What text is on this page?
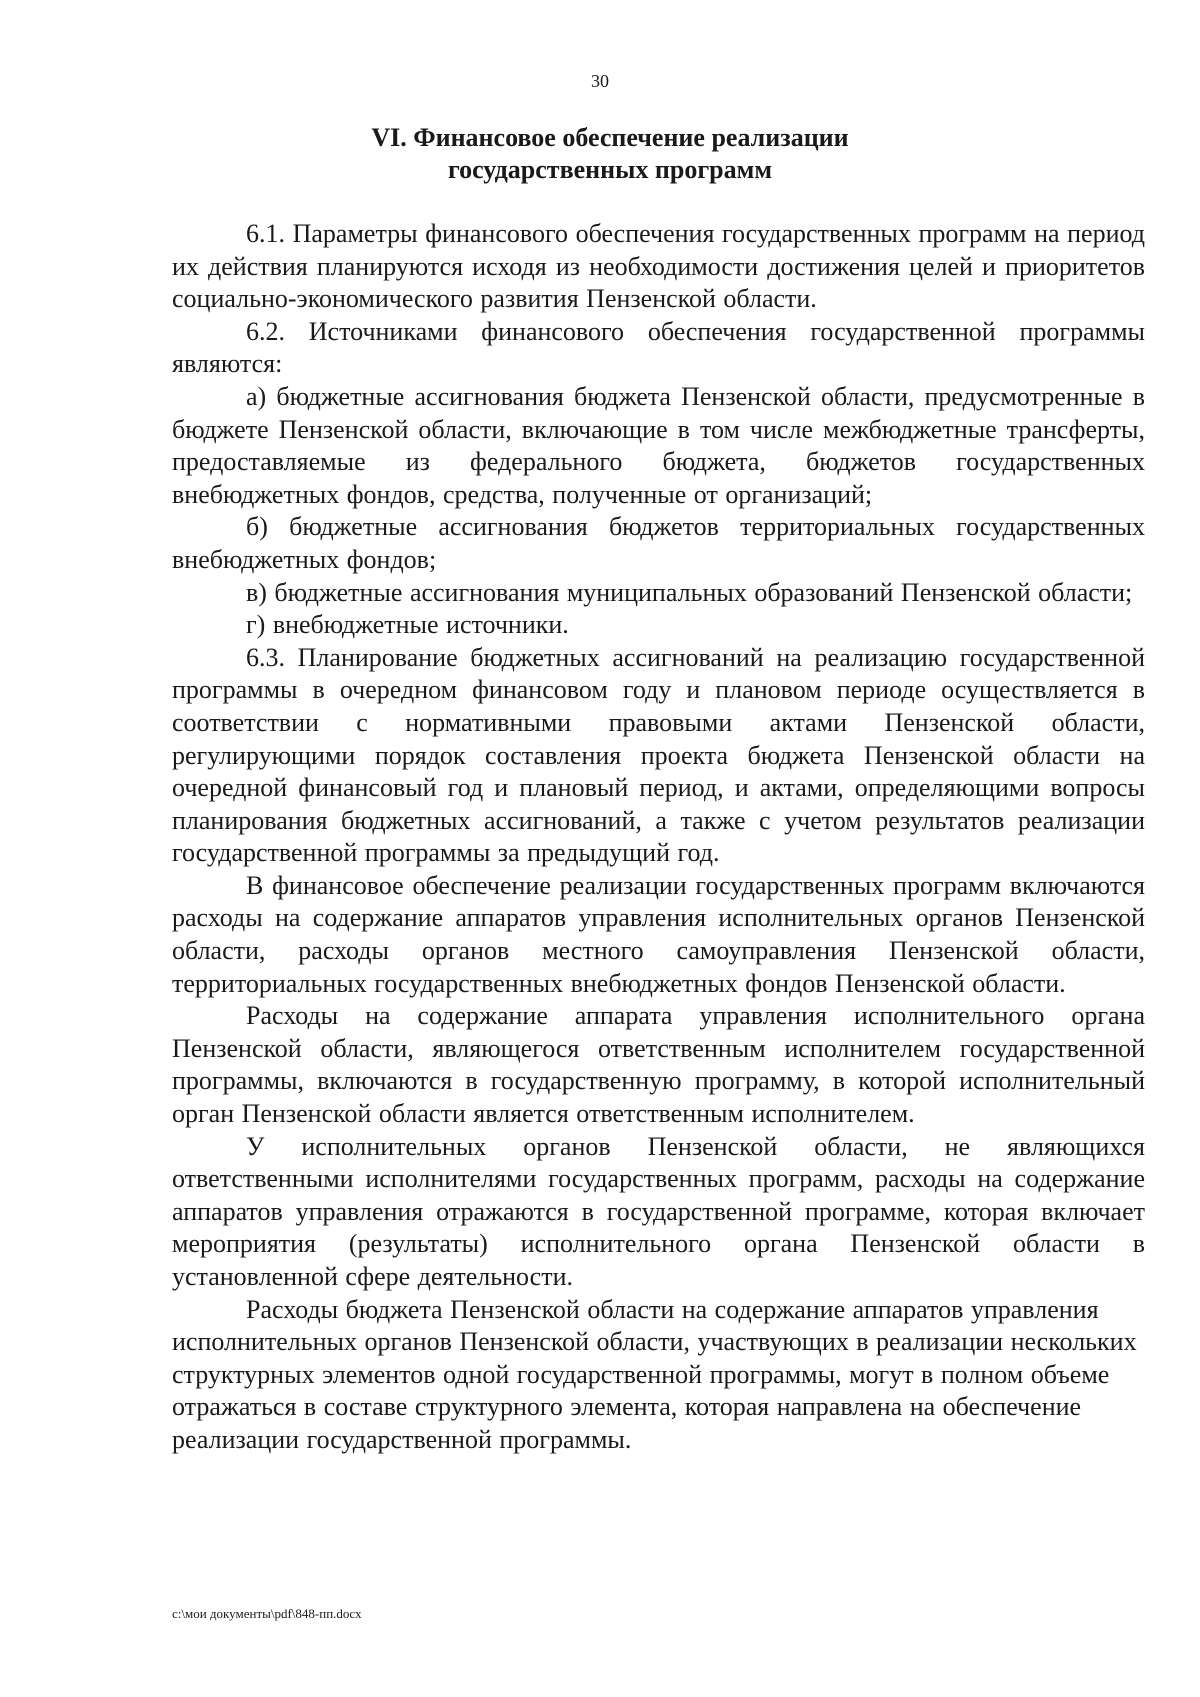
30
VI. Финансовое обеспечение реализации
государственных программ

6.1. Параметры финансового обеспечения государственных программ на период их действия планируются исходя из необходимости достижения целей и приоритетов социально-экономического развития Пензенской области.

6.2. Источниками финансового обеспечения государственной программы являются:

а) бюджетные ассигнования бюджета Пензенской области, предусмотренные в бюджете Пензенской области, включающие в том числе межбюджетные трансферты, предоставляемые из федерального бюджета, бюджетов государственных внебюджетных фондов, средства, полученные от организаций;

б) бюджетные ассигнования бюджетов территориальных государственных внебюджетных фондов;

в) бюджетные ассигнования муниципальных образований Пензенской области;

г) внебюджетные источники.

6.3. Планирование бюджетных ассигнований на реализацию государственной программы в очередном финансовом году и плановом периоде осуществляется в соответствии с нормативными правовыми актами Пензенской области, регулирующими порядок составления проекта бюджета Пензенской области на очередной финансовый год и плановый период, и актами, определяющими вопросы планирования бюджетных ассигнований, а также с учетом результатов реализации государственной программы за предыдущий год.

В финансовое обеспечение реализации государственных программ включаются расходы на содержание аппаратов управления исполнительных органов Пензенской области, расходы органов местного самоуправления Пензенской области, территориальных государственных внебюджетных фондов Пензенской области.

Расходы на содержание аппарата управления исполнительного органа Пензенской области, являющегося ответственным исполнителем государственной программы, включаются в государственную программу, в которой исполнительный орган Пензенской области является ответственным исполнителем.

У исполнительных органов Пензенской области, не являющихся ответственными исполнителями государственных программ, расходы на содержание аппаратов управления отражаются в государственной программе, которая включает мероприятия (результаты) исполнительного органа Пензенской области в установленной сфере деятельности.

Расходы бюджета Пензенской области на содержание аппаратов управления исполнительных органов Пензенской области, участвующих в реализации нескольких структурных элементов одной государственной программы, могут в полном объеме отражаться в составе структурного элемента, которая направлена на обеспечение реализации государственной программы.

c:\мои документы\pdf\848-пп.docx
